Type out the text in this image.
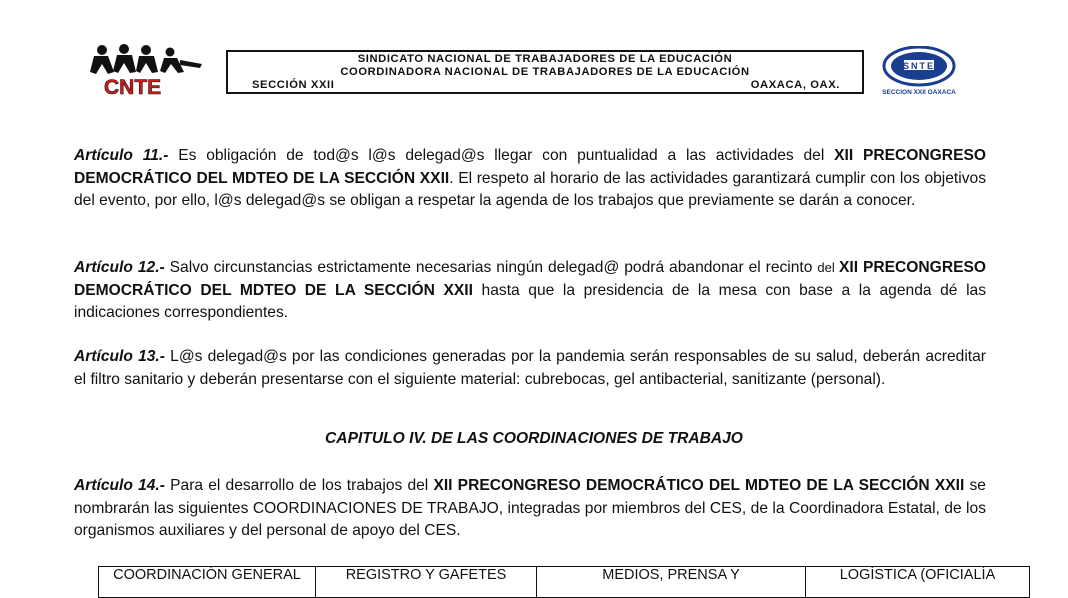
CNTE
SINDICATO NACIONAL DE TRABAJADORES DE LA EDUCACIÓN
COORDINADORA NACIONAL DE TRABAJADORES DE LA EDUCACIÓN
SECCIÓN XXII	OAXACA, OAX.
SNTE
SECCION XXII OAXACA
Artículo 11.- Es obligación de tod@s l@s delegad@s llegar con puntualidad a las actividades del XII PRECONGRESO DEMOCRÁTICO DEL MDTEO DE LA SECCIÓN XXII. El respeto al horario de las actividades garantizará cumplir con los objetivos del evento, por ello, l@s delegad@s se obligan a respetar la agenda de los trabajos que previamente se darán a conocer.
Artículo 12.- Salvo circunstancias estrictamente necesarias ningún delegad@ podrá abandonar el recinto del XII PRECONGRESO DEMOCRÁTICO DEL MDTEO DE LA SECCIÓN XXII hasta que la presidencia de la mesa con base a la agenda dé las indicaciones correspondientes.
Artículo 13.- L@s delegad@s por las condiciones generadas por la pandemia serán responsables de su salud, deberán acreditar el filtro sanitario y deberán presentarse con el siguiente material: cubrebocas, gel antibacterial, sanitizante (personal).
CAPITULO IV. DE LAS COORDINACIONES DE TRABAJO
Artículo 14.- Para el desarrollo de los trabajos del XII PRECONGRESO DEMOCRÁTICO DEL MDTEO DE LA SECCIÓN XXII se nombrarán las siguientes COORDINACIONES DE TRABAJO, integradas por miembros del CES, de la Coordinadora Estatal, de los organismos auxiliares y del personal de apoyo del CES.
COORDINACIÓN GENERAL	REGISTRO Y GAFETES	MEDIOS, PRENSA Y	LOGÍSTICA (OFICIALÍA
